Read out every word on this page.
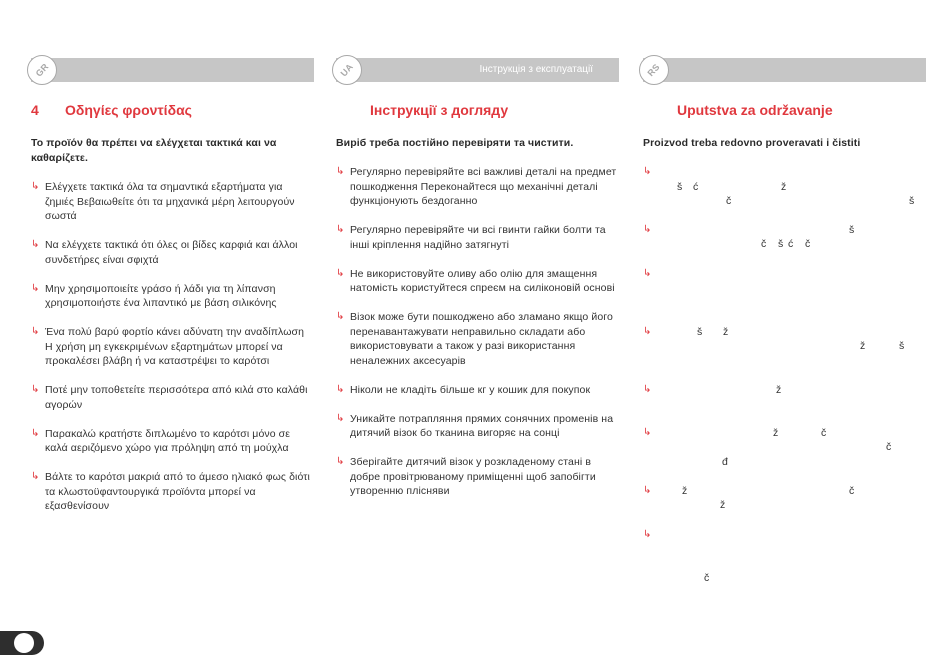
GR
4 Οδηγίες φροντίδας
Το προϊόν θα πρέπει να ελέγχεται τακτικά και να καθαρίζετε.
↳ Ελέγχετε τακτικά όλα τα σημαντικά εξαρτήματα για ζημιές Βεβαιωθείτε ότι τα μηχανικά μέρη λειτουργούν σωστά
↳ Να ελέγχετε τακτικά ότι όλες οι βίδες καρφιά και άλλοι συνδετήρες είναι σφιχτά
↳ Μην χρησιμοποιείτε γράσο ή λάδι για τη λίπανση χρησιμοποιήστε ένα λιπαντικό με βάση σιλικόνης
↳ Ένα πολύ βαρύ φορτίο κάνει αδύνατη την αναδίπλωση Η χρήση μη εγκεκριμένων εξαρτημάτων μπορεί να προκαλέσει βλάβη ή να καταστρέψει το καρότσι
↳ Ποτέ μην τοποθετείτε περισσότερα από κιλά στο καλάθι αγορών
↳ Παρακαλώ κρατήστε διπλωμένο το καρότσι μόνο σε καλά αεριζόμενο χώρο για πρόληψη από τη μούχλα
↳ Βάλτε το καρότσι μακριά από το άμεσο ηλιακό φως διότι τα κλωστοϋφαντουργικά προϊόντα μπορεί να εξασθενίσουν
UA	Інструкція з експлуатації
Інструкції з догляду
Виріб треба постійно перевіряти та чистити.
↳ Регулярно перевіряйте всі важливі деталі на предмет пошкодження Переконайтеся що механічні деталі функціонують бездоганно
↳ Регулярно перевіряйте чи всі гвинти гайки болти та інші кріплення надійно затягнуті
↳ Не використовуйте оливу або олію для змащення натомість користуйтеся спреєм на силіконовій основі
↳ Візок може бути пошкоджено або зламано якщо його перенавантажувати неправильно складати або використовувати а також у разі використання неналежних аксесуарів
↳ Ніколи не кладіть більше кг у кошик для покупок
↳ Уникайте потрапляння прямих сонячних променів на дитячий візок бо тканина вигоряє на сонці
↳ Зберігайте дитячий візок у розкладеному стані в добре провітрюваному приміщенні щоб запобігти утворенню плісняви
RS
Uputstva za održavanje
Proizvod treba redovno proveravati i čistiti
↳
š ć	ž
č	š
↳	š
č š ć č
↳
↳	š ž
ž	š
↳	ž
↳	ž	č
č
đ
↳	ž	č
ž
↳
č
